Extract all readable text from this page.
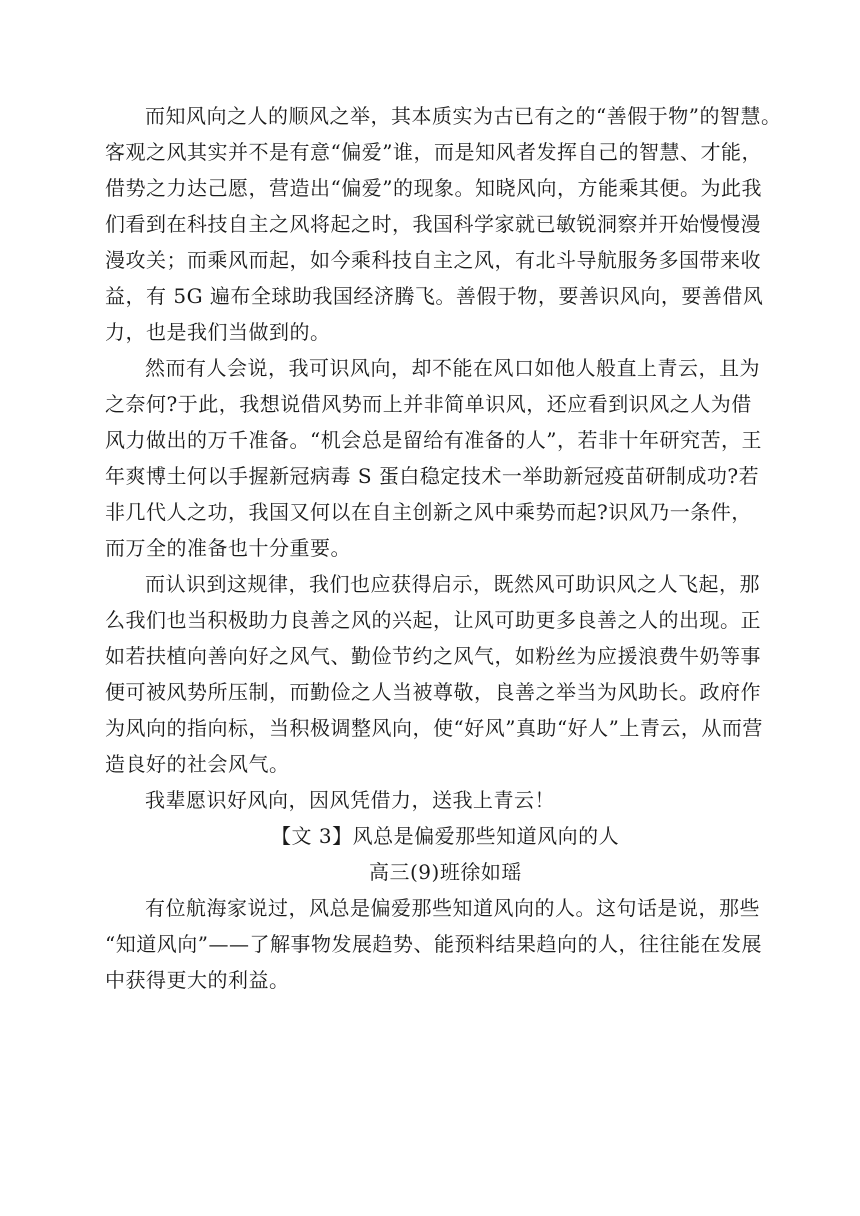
而知风向之人的顺风之举，其本质实为古已有之的“善假于物”的智慧。
客观之风其实并不是有意“偏爱”谁，而是知风者发挥自己的智慧、才能，
借势之力达己愿，营造出“偏爱”的现象。知晓风向，方能乘其便。为此我
们看到在科技自主之风将起之时，我国科学家就已敏锐洞察并开始慢慢漫
漫攻关；而乘风而起，如今乘科技自主之风，有北斗导航服务多国带来收
益，有 5G 遍布全球助我国经济腾飞。善假于物，要善识风向，要善借风
力，也是我们当做到的。
然而有人会说，我可识风向，却不能在风口如他人般直上青云，且为
之奈何?于此，我想说借风势而上并非简单识风，还应看到识风之人为借
风力做出的万千准备。“机会总是留给有准备的人”，若非十年研究苦，王
年爽博土何以手握新冠病毒 S 蛋白稳定技术一举助新冠疫苗研制成功?若
非几代人之功，我国又何以在自主创新之风中乘势而起?识风乃一条件，
而万全的准备也十分重要。
而认识到这规律，我们也应获得启示，既然风可助识风之人飞起，那
么我们也当积极助力良善之风的兴起，让风可助更多良善之人的出现。正
如若扶植向善向好之风气、勤俭节约之风气，如粉丝为应援浪费牛奶等事
便可被风势所压制，而勤俭之人当被尊敬，良善之举当为风助长。政府作
为风向的指向标，当积极调整风向，使“好风”真助“好人”上青云，从而营
造良好的社会风气。
我辈愿识好风向，因风凭借力，送我上青云！
【文 3】风总是偏爱那些知道风向的人
高三(9)班徐如瑶
有位航海家说过，风总是偏爱那些知道风向的人。这句话是说，那些
“知道风向”——了解事物发展趋势、能预料结果趋向的人，往往能在发展
中获得更大的利益。
